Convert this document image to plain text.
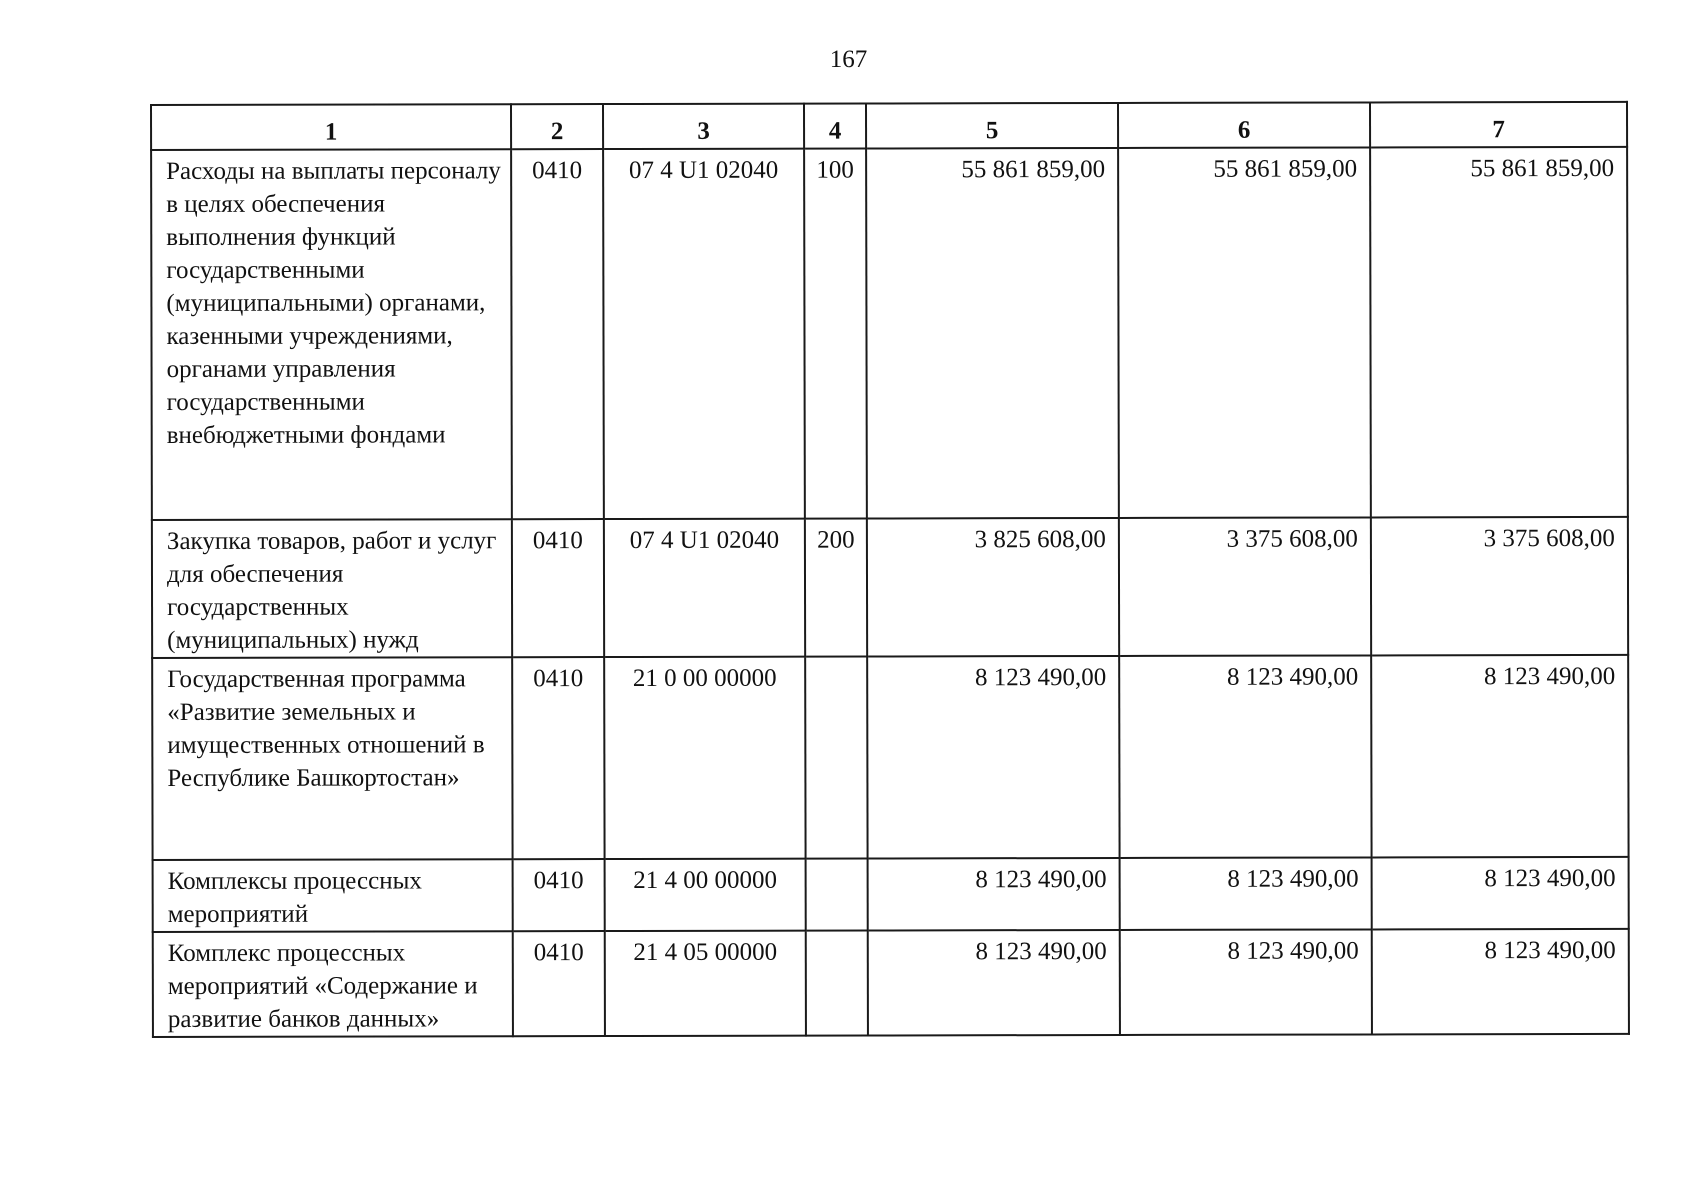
167
1	2	3	4	5	6	7
Расходы на выплаты персоналу в целях обеспечения выполнения функций государственными (муниципальными) органами, казенными учреждениями, органами управления государственными внебюджетными фондами	0410	07 4 U1 02040	100	55 861 859,00	55 861 859,00	55 861 859,00
Закупка товаров, работ и услуг для обеспечения государственных (муниципальных) нужд	0410	07 4 U1 02040	200	3 825 608,00	3 375 608,00	3 375 608,00
Государственная программа «Развитие земельных и имущественных отношений в Республике Башкортостан»	0410	21 0 00 00000		8 123 490,00	8 123 490,00	8 123 490,00
Комплексы процессных мероприятий	0410	21 4 00 00000		8 123 490,00	8 123 490,00	8 123 490,00
Комплекс процессных мероприятий «Содержание и развитие банков данных»	0410	21 4 05 00000		8 123 490,00	8 123 490,00	8 123 490,00
